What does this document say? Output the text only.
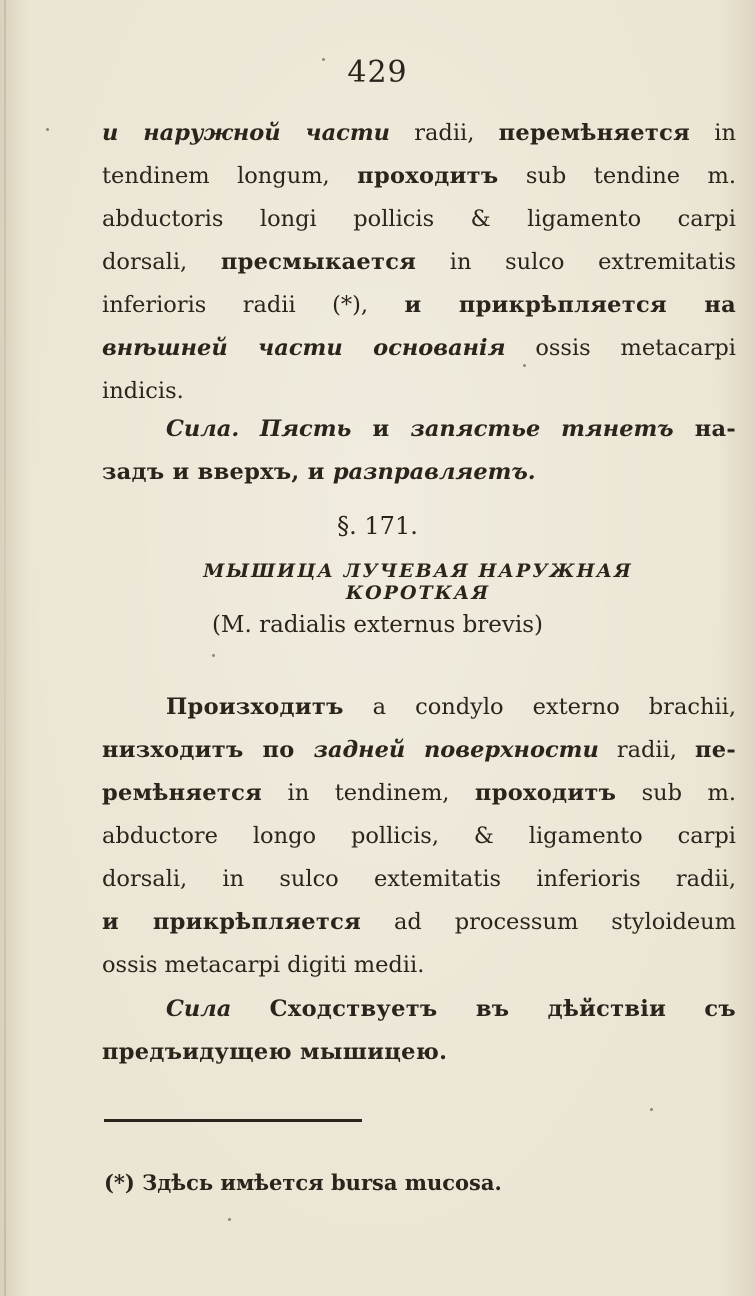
429
и наружной части radii, перемѣняется in
tendinem longum, проходитъ sub tendine m.
abductoris longi pollicis & ligamento carpi
dorsali, пресмыкается in sulco extremitatis
inferioris radii (*), и прикрѣпляется на
внѣшней части основанія ossis metacarpi
indicis.
Сила. Пясть и запястье тянетъ на-
задъ и вверхъ, и разправляетъ.
§. 171.
МЫШИЦА ЛУЧЕВАЯ НАРУЖНАЯ КОРОТКАЯ
(M. radialis externus brevis)
Произходитъ a condylo externo brachii,
низходитъ по задней поверхности radii, пе-
ремѣняется in tendinem, проходитъ sub m.
abductore longo pollicis, & ligamento carpi
dorsali, in sulco extemitatis inferioris radii,
и прикрѣпляется ad processum styloideum
ossis metacarpi digiti medii.
Сила Сходствуетъ въ дѣйствіи съ
предъидущею мышицею.
(*) Здѣсь имѣется bursa mucosa.
